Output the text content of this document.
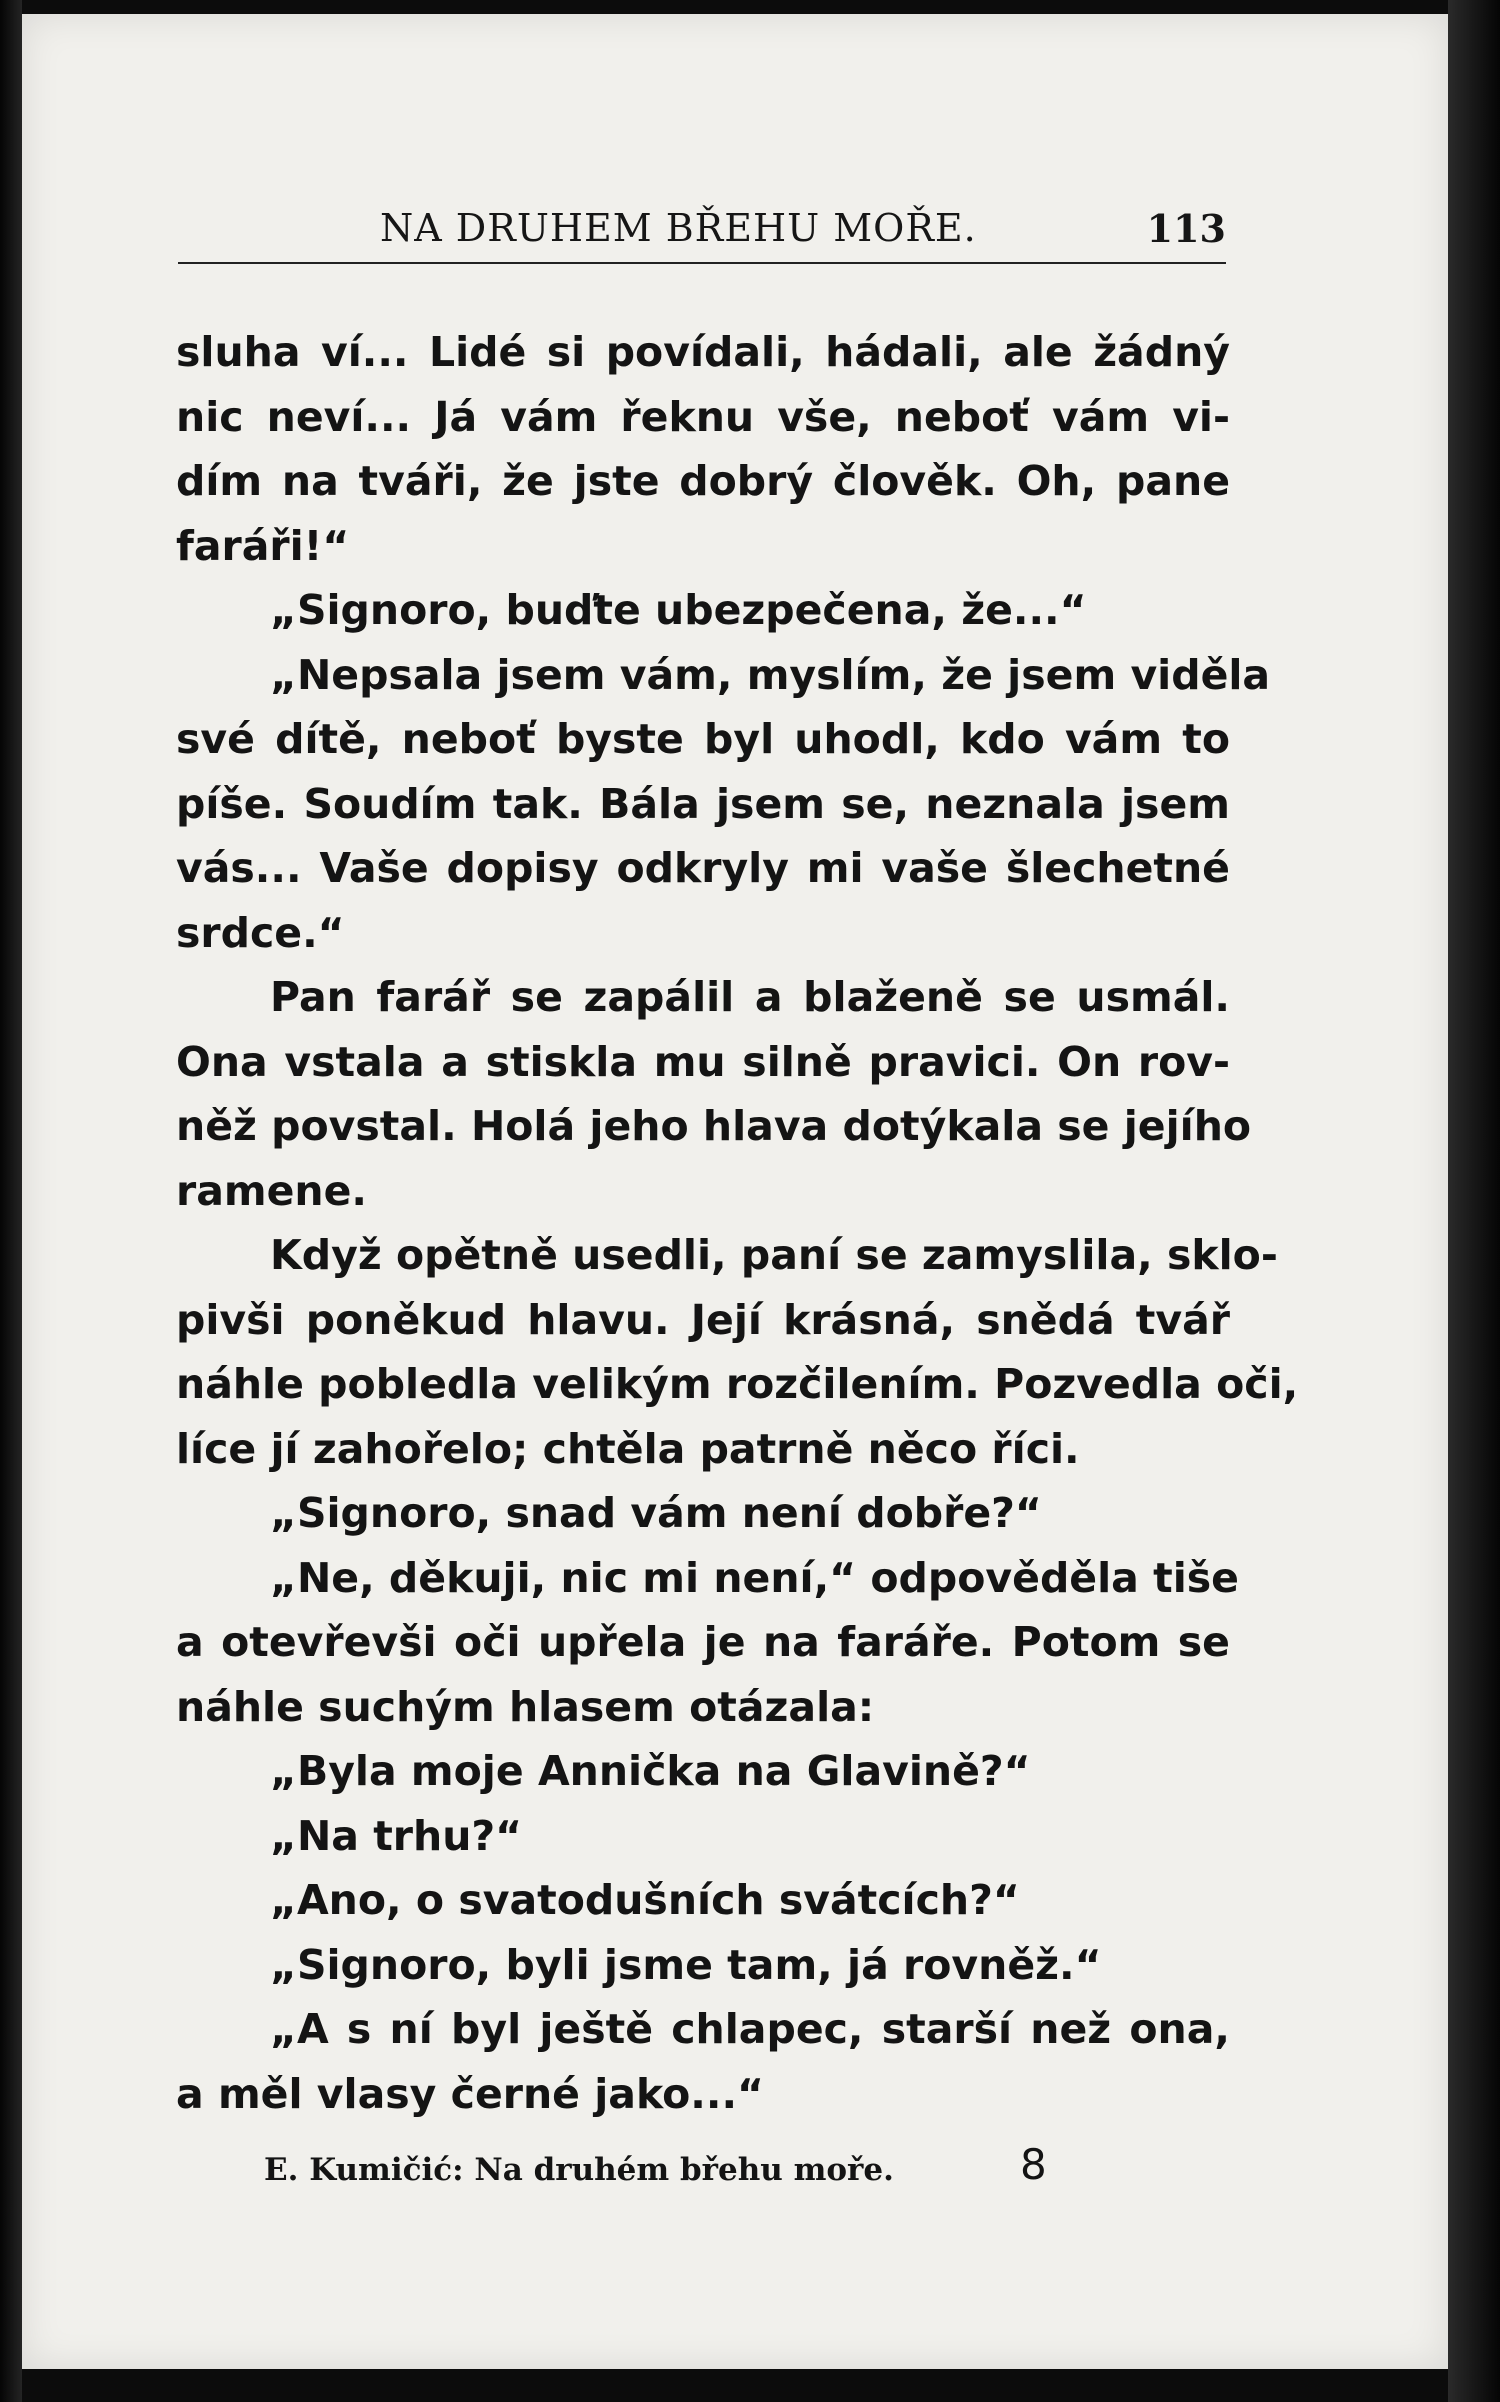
NA DRUHEM BŘEHU MOŘE.	113
sluha ví... Lidé si povídali, hádali, ale žádný
nic neví... Já vám řeknu vše, neboť vám vi-
dím na tváři, že jste dobrý člověk. Oh, pane
faráři!“
„Signoro, buďte ubezpečena, že...“
„Nepsala jsem vám, myslím, že jsem viděla
své dítě, neboť byste byl uhodl, kdo vám to
píše. Soudím tak. Bála jsem se, neznala jsem
vás... Vaše dopisy odkryly mi vaše šlechetné
srdce.“
Pan farář se zapálil a blaženě se usmál.
Ona vstala a stiskla mu silně pravici. On rov-
něž povstal. Holá jeho hlava dotýkala se jejího
ramene.
Když opětně usedli, paní se zamyslila, sklo-
pivši poněkud hlavu. Její krásná, snědá tvář
náhle pobledla velikým rozčilením. Pozvedla oči,
líce jí zahořelo; chtěla patrně něco říci.
„Signoro, snad vám není dobře?“
„Ne, děkuji, nic mi není,“ odpověděla tiše
a otevřevši oči upřela je na faráře. Potom se
náhle suchým hlasem otázala:
„Byla moje Annička na Glavině?“
„Na trhu?“
„Ano, o svatodušních svátcích?“
„Signoro, byli jsme tam, já rovněž.“
„A s ní byl ještě chlapec, starší než ona,
a měl vlasy černé jako...“
E. Kumičić: Na druhém břehu moře.	8
